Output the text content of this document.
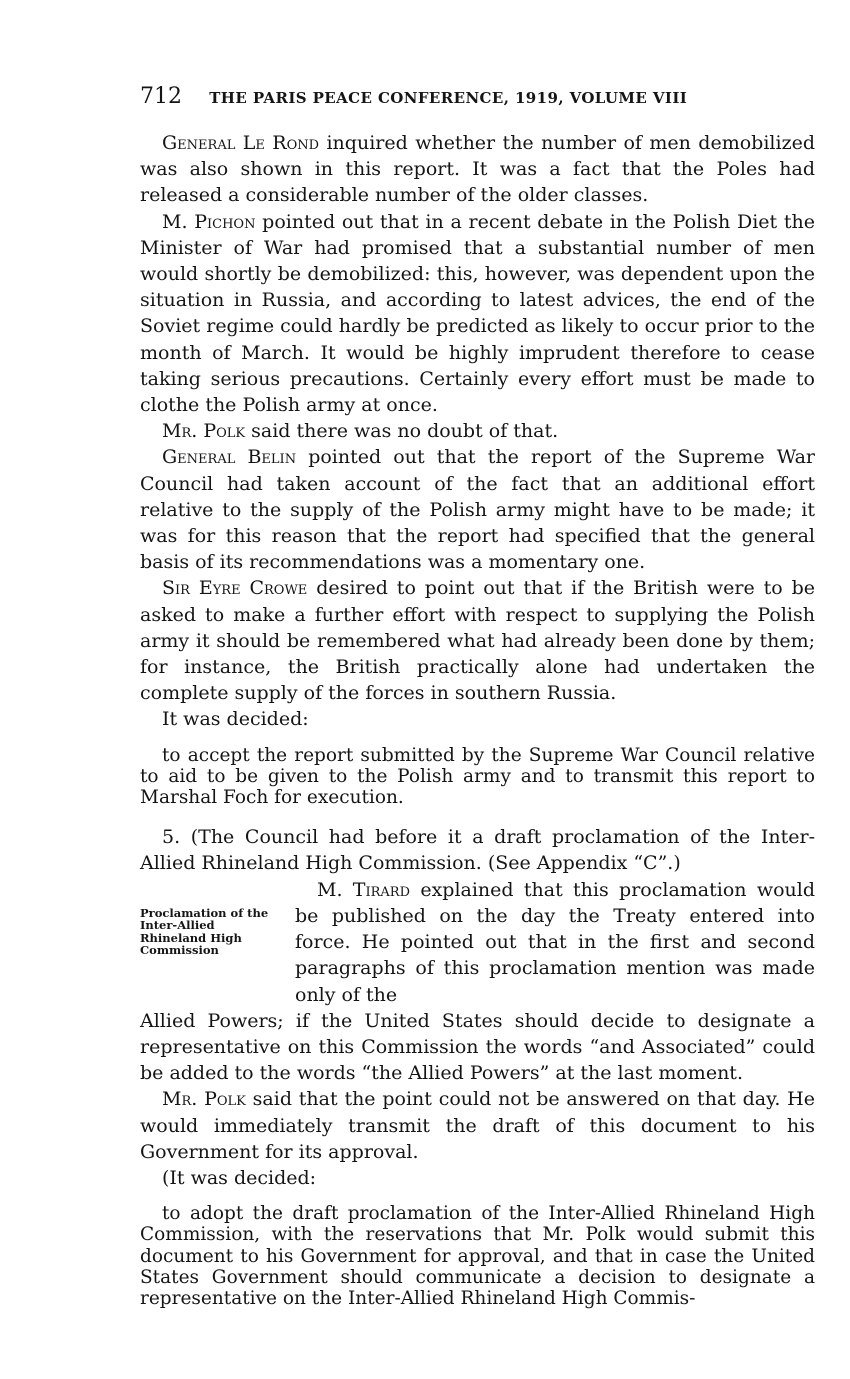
712 THE PARIS PEACE CONFERENCE, 1919, VOLUME VIII

General Le Rond inquired whether the number of men demobilized was also shown in this report. It was a fact that the Poles had released a considerable number of the older classes.

M. Pichon pointed out that in a recent debate in the Polish Diet the Minister of War had promised that a substantial number of men would shortly be demobilized: this, however, was dependent upon the situation in Russia, and according to latest advices, the end of the Soviet regime could hardly be predicted as likely to occur prior to the month of March. It would be highly imprudent therefore to cease taking serious precautions. Certainly every effort must be made to clothe the Polish army at once.

Mr. Polk said there was no doubt of that.

General Belin pointed out that the report of the Supreme War Council had taken account of the fact that an additional effort relative to the supply of the Polish army might have to be made; it was for this reason that the report had specified that the general basis of its recommendations was a momentary one.

Sir Eyre Crowe desired to point out that if the British were to be asked to make a further effort with respect to supplying the Polish army it should be remembered what had already been done by them; for instance, the British practically alone had undertaken the complete supply of the forces in southern Russia.

It was decided:

to accept the report submitted by the Supreme War Council relative to aid to be given to the Polish army and to transmit this report to Marshal Foch for execution.

5. (The Council had before it a draft proclamation of the Inter-Allied Rhineland High Commission. (See Appendix “C”.)

Proclamation of the Inter-Allied Rhineland High Commission

M. Tirard explained that this proclamation would be published on the day the Treaty entered into force. He pointed out that in the first and second paragraphs of this proclamation mention was made only of the

Allied Powers; if the United States should decide to designate a representative on this Commission the words “and Associated” could be added to the words “the Allied Powers” at the last moment.

Mr. Polk said that the point could not be answered on that day. He would immediately transmit the draft of this document to his Government for its approval.

(It was decided:

to adopt the draft proclamation of the Inter-Allied Rhineland High Commission, with the reservations that Mr. Polk would submit this document to his Government for approval, and that in case the United States Government should communicate a decision to designate a representative on the Inter-Allied Rhineland High Commis-
